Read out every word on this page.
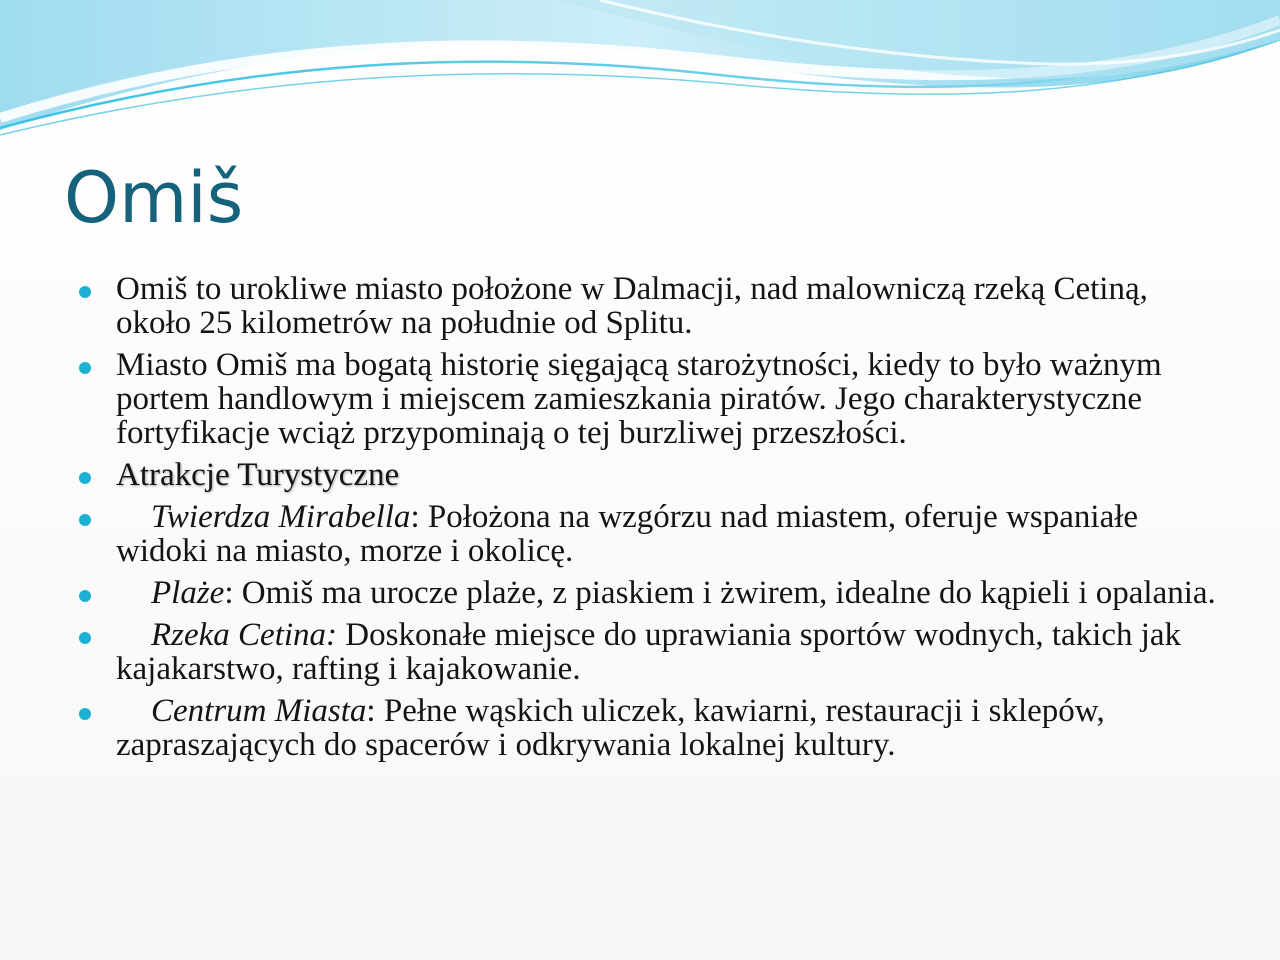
Omiš
Omiš to urokliwe miasto położone w Dalmacji, nad malowniczą rzeką Cetiną, około 25 kilometrów na południe od Splitu.
Miasto Omiš ma bogatą historię sięgającą starożytności, kiedy to było ważnym portem handlowym i miejscem zamieszkania piratów. Jego charakterystyczne fortyfikacje wciąż przypominają o tej burzliwej przeszłości.
Atrakcje Turystyczne
Twierdza Mirabella: Położona na wzgórzu nad miastem, oferuje wspaniałe widoki na miasto, morze i okolicę.
Plaże: Omiš ma urocze plaże, z piaskiem i żwirem, idealne do kąpieli i opalania.
Rzeka Cetina: Doskonałe miejsce do uprawiania sportów wodnych, takich jak kajakarstwo, rafting i kajakowanie.
Centrum Miasta: Pełne wąskich uliczek, kawiarni, restauracji i sklepów, zapraszających do spacerów i odkrywania lokalnej kultury.
